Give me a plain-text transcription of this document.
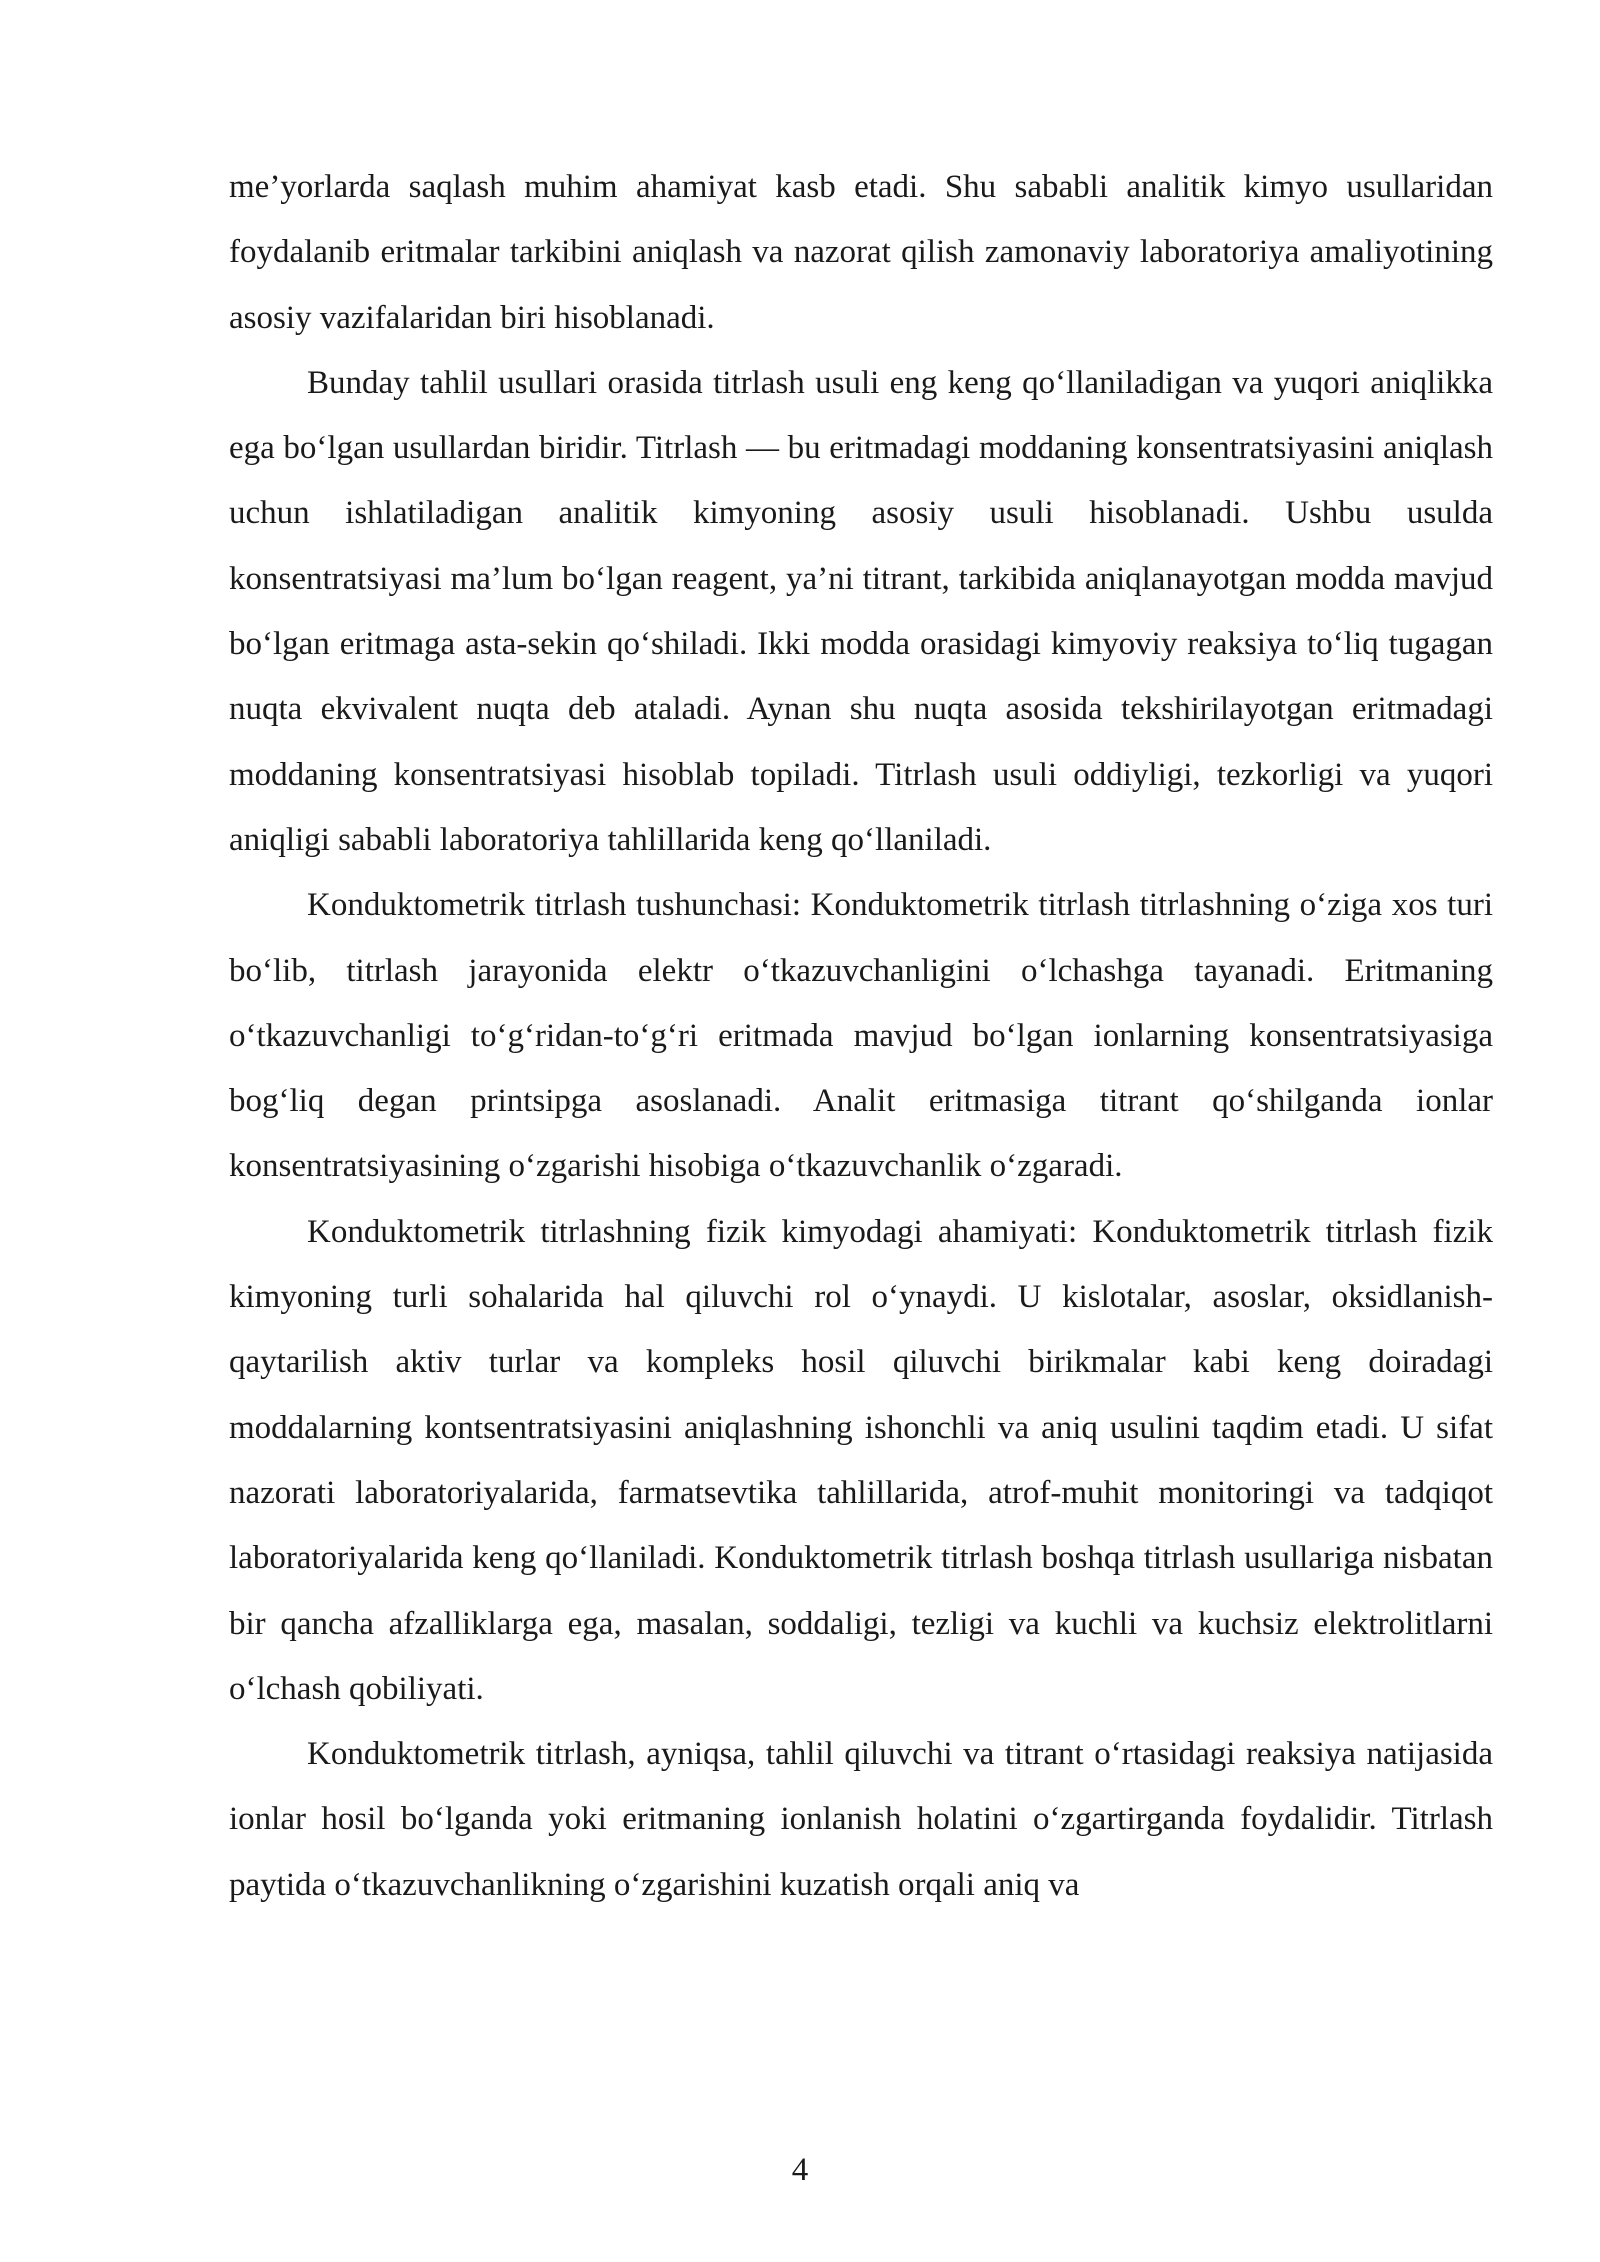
me’yorlarda saqlash muhim ahamiyat kasb etadi. Shu sababli analitik kimyo usullaridan foydalanib eritmalar tarkibini aniqlash va nazorat qilish zamonaviy laboratoriya amaliyotining asosiy vazifalaridan biri hisoblanadi.

Bunday tahlil usullari orasida titrlash usuli eng keng qo‘llaniladigan va yuqori aniqlikka ega bo‘lgan usullardan biridir. Titrlash — bu eritmadagi moddaning konsentratsiyasini aniqlash uchun ishlatiladigan analitik kimyoning asosiy usuli hisoblanadi. Ushbu usulda konsentratsiyasi ma’lum bo‘lgan reagent, ya’ni titrant, tarkibida aniqlanayotgan modda mavjud bo‘lgan eritmaga asta-sekin qo‘shiladi. Ikki modda orasidagi kimyoviy reaksiya to‘liq tugagan nuqta ekvivalent nuqta deb ataladi. Aynan shu nuqta asosida tekshirilayotgan eritmadagi moddaning konsentratsiyasi hisoblab topiladi. Titrlash usuli oddiyligi, tezkorligi va yuqori aniqligi sababli laboratoriya tahlillarida keng qo‘llaniladi.

Konduktometrik titrlash tushunchasi: Konduktometrik titrlash titrlashning o‘ziga xos turi bo‘lib, titrlash jarayonida elektr o‘tkazuvchanligini o‘lchashga tayanadi. Eritmaning o‘tkazuvchanligi to‘g‘ridan-to‘g‘ri eritmada mavjud bo‘lgan ionlarning konsentratsiyasiga bog‘liq degan printsipga asoslanadi. Analit eritmasiga titrant qo‘shilganda ionlar konsentratsiyasining o‘zgarishi hisobiga o‘tkazuvchanlik o‘zgaradi.

Konduktometrik titrlashning fizik kimyodagi ahamiyati: Konduktometrik titrlash fizik kimyoning turli sohalarida hal qiluvchi rol o‘ynaydi. U kislotalar, asoslar, oksidlanish-qaytarilish aktiv turlar va kompleks hosil qiluvchi birikmalar kabi keng doiradagi moddalarning kontsentratsiyasini aniqlashning ishonchli va aniq usulini taqdim etadi. U sifat nazorati laboratoriyalarida, farmatsevtika tahlillarida, atrof-muhit monitoringi va tadqiqot laboratoriyalarida keng qo‘llaniladi. Konduktometrik titrlash boshqa titrlash usullariga nisbatan bir qancha afzalliklarga ega, masalan, soddaligi, tezligi va kuchli va kuchsiz elektrolitlarni o‘lchash qobiliyati.

Konduktometrik titrlash, ayniqsa, tahlil qiluvchi va titrant o‘rtasidagi reaksiya natijasida ionlar hosil bo‘lganda yoki eritmaning ionlanish holatini o‘zgartirganda foydalidir. Titrlash paytida o‘tkazuvchanlikning o‘zgarishini kuzatish orqali aniq va

4
